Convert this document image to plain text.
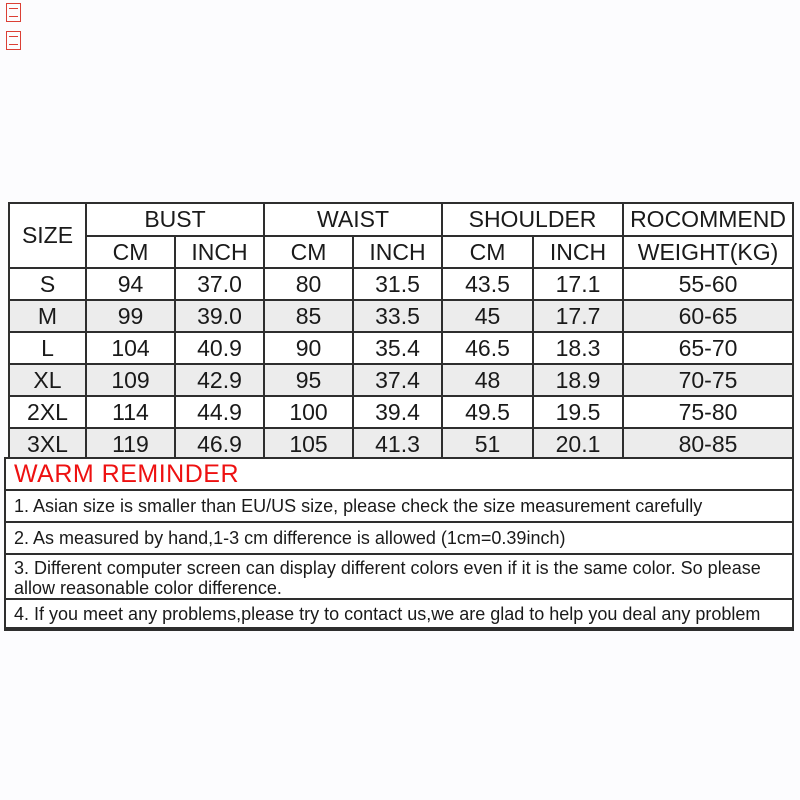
SIZE	BUST		WAIST		SHOULDER		ROCOMMEND
	CM	INCH	CM	INCH	CM	INCH	WEIGHT(KG)
S	94	37.0	80	31.5	43.5	17.1	55-60
M	99	39.0	85	33.5	45	17.7	60-65
L	104	40.9	90	35.4	46.5	18.3	65-70
XL	109	42.9	95	37.4	48	18.9	70-75
2XL	114	44.9	100	39.4	49.5	19.5	75-80
3XL	119	46.9	105	41.3	51	20.1	80-85
WARM REMINDER
1. Asian size is smaller than EU/US size, please check the size measurement carefully
2. As measured by hand,1-3 cm difference is allowed (1cm=0.39inch)
3. Different computer screen can display different colors even if it is the same color. So please allow reasonable color difference.
4. If you meet any problems,please try to contact us,we are glad to help you deal any problem
